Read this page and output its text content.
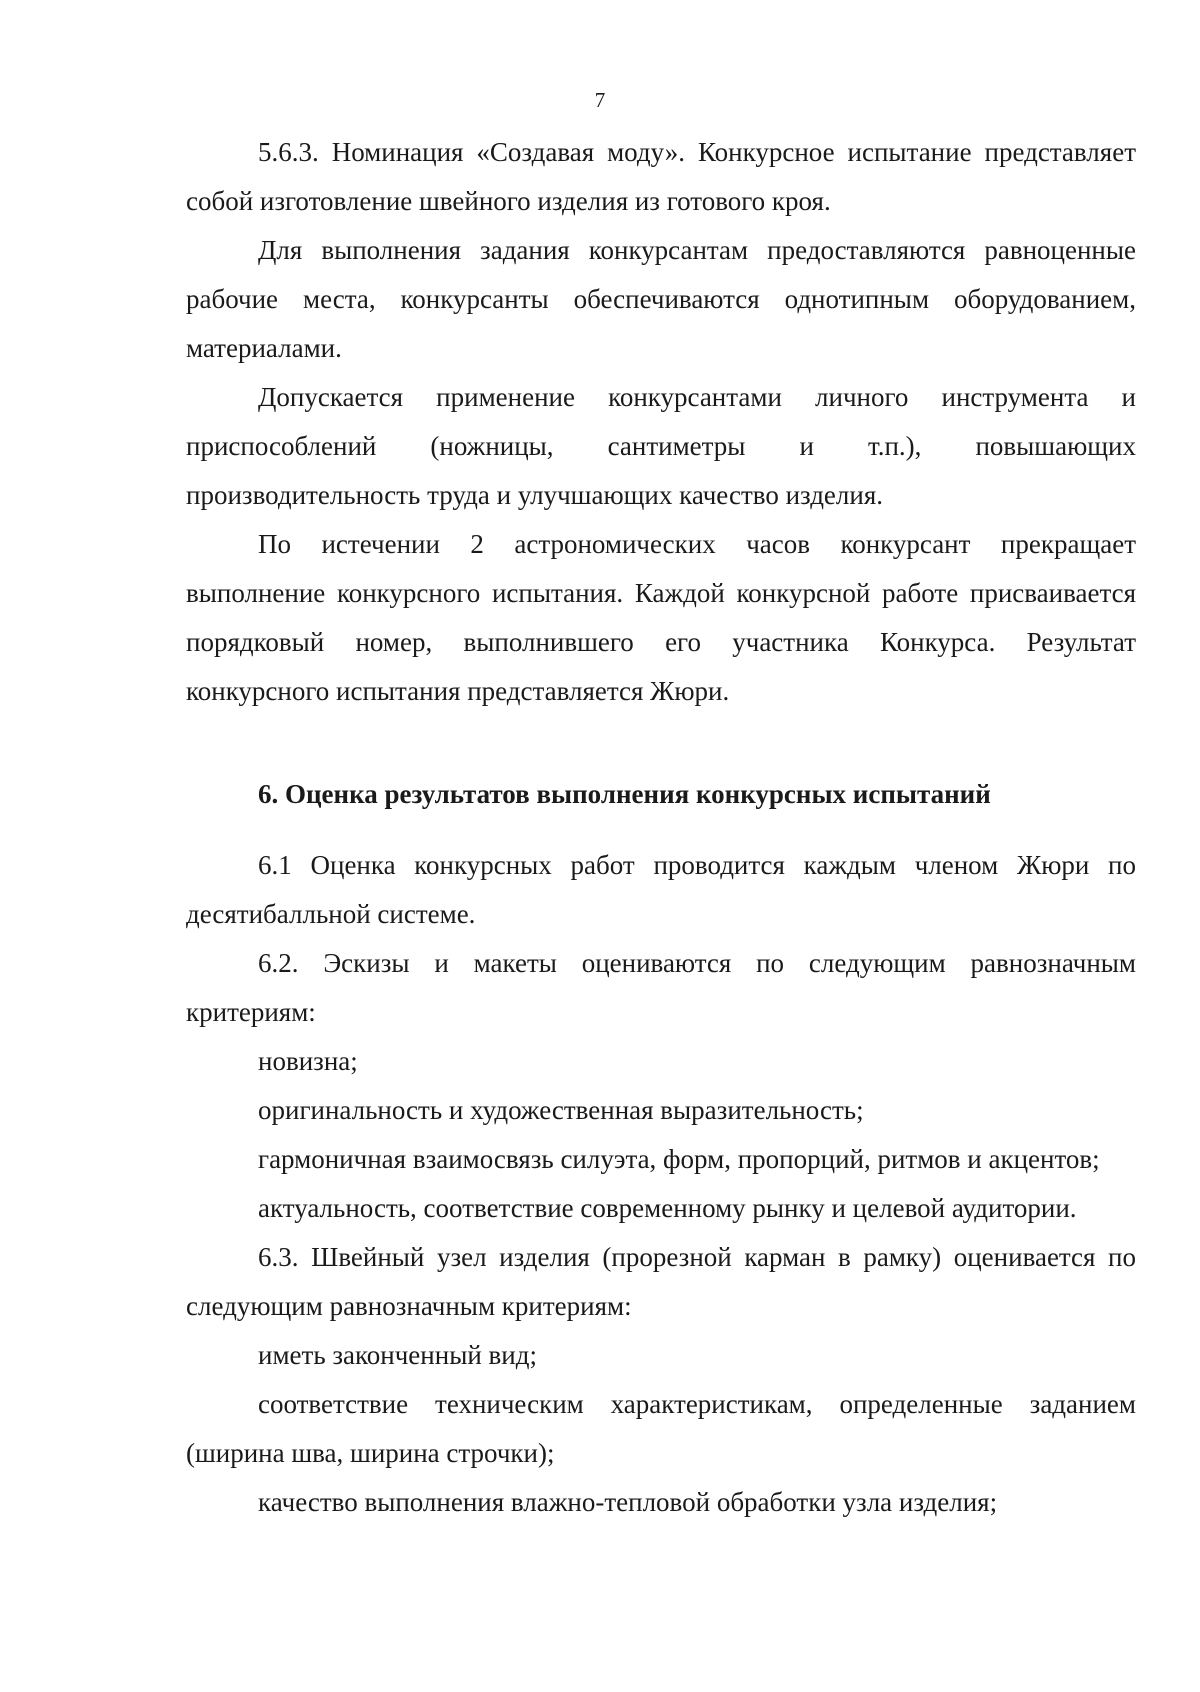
7

5.6.3. Номинация «Создавая моду». Конкурсное испытание представляет собой изготовление швейного изделия из готового кроя.

Для выполнения задания конкурсантам предоставляются равноценные рабочие места, конкурсанты обеспечиваются однотипным оборудованием, материалами.

Допускается применение конкурсантами личного инструмента и приспособлений (ножницы, сантиметры и т.п.), повышающих производительность труда и улучшающих качество изделия.

По истечении 2 астрономических часов конкурсант прекращает выполнение конкурсного испытания. Каждой конкурсной работе присваивается порядковый номер, выполнившего его участника Конкурса. Результат конкурсного испытания представляется Жюри.

6. Оценка результатов выполнения конкурсных испытаний

6.1 Оценка конкурсных работ проводится каждым членом Жюри по десятибалльной системе.

6.2. Эскизы и макеты оцениваются по следующим равнозначным критериям:

новизна;

оригинальность и художественная выразительность;

гармоничная взаимосвязь силуэта, форм, пропорций, ритмов и акцентов;

актуальность, соответствие современному рынку и целевой аудитории.

6.3. Швейный узел изделия (прорезной карман в рамку) оценивается по следующим равнозначным критериям:

иметь законченный вид;

соответствие техническим характеристикам, определенные заданием (ширина шва, ширина строчки);

качество выполнения влажно-тепловой обработки узла изделия;
